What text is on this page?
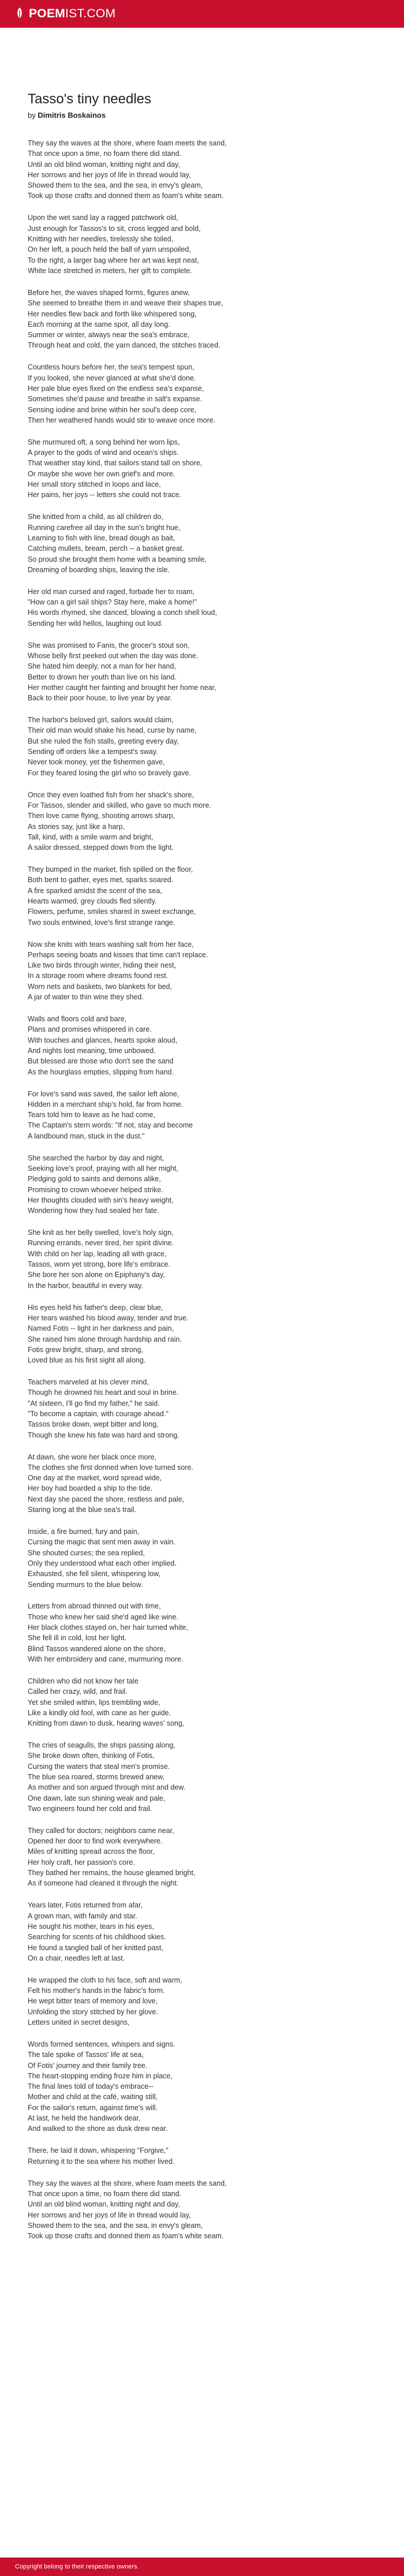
POEMIST.COM
Tasso's tiny needles
by Dimitris Boskainos
They say the waves at the shore, where foam meets the sand,
That once upon a time, no foam there did stand.
Until an old blind woman, knitting night and day,
Her sorrows and her joys of life in thread would lay,
Showed them to the sea, and the sea, in envy's gleam,
Took up those crafts and donned them as foam's white seam.
Upon the wet sand lay a ragged patchwork old,
Just enough for Tassos's to sit, cross legged and bold,
Knitting with her needles, tirelessly she toiled,
On her left, a pouch held the ball of yarn unspoiled,
To the right, a larger bag where her art was kept neat,
White lace stretched in meters, her gift to complete.
Before her, the waves shaped forms, figures anew,
She seemed to breathe them in and weave their shapes true,
Her needles flew back and forth like whispered song,
Each morning at the same spot, all day long.
Summer or winter, always near the sea's embrace,
Through heat and cold, the yarn danced, the stitches traced.
Countless hours before her, the sea's tempest spun,
If you looked, she never glanced at what she'd done.
Her pale blue eyes fixed on the endless sea's expanse,
Sometimes she'd pause and breathe in salt's expanse.
Sensing iodine and brine within her soul's deep core,
Then her weathered hands would stir to weave once more.
She murmured oft, a song behind her worn lips,
A prayer to the gods of wind and ocean's ships.
That weather stay kind, that sailors stand tall on shore,
Or maybe she wove her own grief's and more.
Her small story stitched in loops and lace,
Her pains, her joys -- letters she could not trace.
She knitted from a child, as all children do,
Running carefree all day in the sun's bright hue,
Learning to fish with line, bread dough as bait,
Catching mullets, bream, perch -- a basket great.
So proud she brought them home with a beaming smile,
Dreaming of boarding ships, leaving the isle.
Her old man cursed and raged, forbade her to roam,
"How can a girl sail ships? Stay here, make a home!"
His words rhymed, she danced, blowing a conch shell loud,
Sending her wild hellos, laughing out loud.
She was promised to Fanis, the grocer's stout son,
Whose belly first peeked out when the day was done.
She hated him deeply, not a man for her hand,
Better to drown her youth than live on his land.
Her mother caught her fainting and brought her home near,
Back to their poor house, to live year by year.
The harbor's beloved girl, sailors would claim,
Their old man would shake his head, curse by name,
But she ruled the fish stalls, greeting every day,
Sending off orders like a tempest's sway.
Never took money, yet the fishermen gave,
For they feared losing the girl who so bravely gave.
Once they even loathed fish from her shack's shore,
For Tassos, slender and skilled, who gave so much more.
Then love came flying, shooting arrows sharp,
As stories say, just like a harp,
Tall, kind, with a smile warm and bright,
A sailor dressed, stepped down from the light.
They bumped in the market, fish spilled on the floor,
Both bent to gather, eyes met, sparks soared.
A fire sparked amidst the scent of the sea,
Hearts warmed, grey clouds fled silently.
Flowers, perfume, smiles shared in sweet exchange,
Two souls entwined, love's first strange range.
Now she knits with tears washing salt from her face,
Perhaps seeing boats and kisses that time can't replace.
Like two birds through winter, hiding their nest,
In a storage room where dreams found rest.
Worn nets and baskets, two blankets for bed,
A jar of water to thin wine they shed.
Walls and floors cold and bare,
Plans and promises whispered in care.
With touches and glances, hearts spoke aloud,
And nights lost meaning, time unbowed.
But blessed are those who don't see the sand
As the hourglass empties, slipping from hand.
For love's sand was saved, the sailor left alone,
Hidden in a merchant ship's hold, far from home.
Tears told him to leave as he had come,
The Captain's stern words: "If not, stay and become
A landbound man, stuck in the dust."
She searched the harbor by day and night,
Seeking love's proof, praying with all her might,
Pledging gold to saints and demons alike,
Promising to crown whoever helped strike.
Her thoughts clouded with sin's heavy weight,
Wondering how they had sealed her fate.
She knit as her belly swelled, love's holy sign,
Running errands, never tired, her spirit divine.
With child on her lap, leading all with grace,
Tassos, worn yet strong, bore life's embrace.
She bore her son alone on Epiphany's day,
In the harbor, beautiful in every way.
His eyes held his father's deep, clear blue,
Her tears washed his blood away, tender and true.
Named Fotis -- light in her darkness and pain,
She raised him alone through hardship and rain.
Fotis grew bright, sharp, and strong,
Loved blue as his first sight all along.
Teachers marveled at his clever mind,
Though he drowned his heart and soul in brine.
"At sixteen, I'll go find my father," he said.
"To become a captain, with courage ahead."
Tassos broke down, wept bitter and long,
Though she knew his fate was hard and strong.
At dawn, she wore her black once more,
The clothes she first donned when love turned sore.
One day at the market, word spread wide,
Her boy had boarded a ship to the tide.
Next day she paced the shore, restless and pale,
Staring long at the blue sea's trail.
Inside, a fire burned, fury and pain,
Cursing the magic that sent men away in vain.
She shouted curses; the sea replied,
Only they understood what each other implied.
Exhausted, she fell silent, whispering low,
Sending murmurs to the blue below.
Letters from abroad thinned out with time,
Those who knew her said she'd aged like wine.
Her black clothes stayed on, her hair turned white,
She fell ill in cold, lost her light.
Blind Tassos wandered alone on the shore,
With her embroidery and cane, murmuring more.
Children who did not know her tale
Called her crazy, wild, and frail.
Yet she smiled within, lips trembling wide,
Like a kindly old fool, with cane as her guide.
Knitting from dawn to dusk, hearing waves' song,
The cries of seagulls, the ships passing along,
She broke down often, thinking of Fotis,
Cursing the waters that steal men's promise.
The blue sea roared, storms brewed anew,
As mother and son argued through mist and dew.
One dawn, late sun shining weak and pale,
Two engineers found her cold and frail.
They called for doctors; neighbors came near,
Opened her door to find work everywhere.
Miles of knitting spread across the floor,
Her holy craft, her passion's core.
They bathed her remains, the house gleamed bright,
As if someone had cleaned it through the night.
Years later, Fotis returned from afar,
A grown man, with family and star.
He sought his mother, tears in his eyes,
Searching for scents of his childhood skies.
He found a tangled ball of her knitted past,
On a chair, needles left at last.
He wrapped the cloth to his face, soft and warm,
Felt his mother's hands in the fabric's form.
He wept bitter tears of memory and love,
Unfolding the story stitched by her glove.
Letters united in secret designs,
Words formed sentences, whispers and signs.
The tale spoke of Tassos' life at sea,
Of Fotis' journey and their family tree.
The heart-stopping ending froze him in place,
The final lines told of today's embrace--
Mother and child at the café, waiting still,
For the sailor's return, against time's will.
At last, he held the handiwork dear,
And walked to the shore as dusk drew near.
There, he laid it down, whispering "Forgive,"
Returning it to the sea where his mother lived.
They say the waves at the shore, where foam meets the sand,
That once upon a time, no foam there did stand.
Until an old blind woman, knitting night and day,
Her sorrows and her joys of life in thread would lay,
Showed them to the sea, and the sea, in envy's gleam,
Took up those crafts and donned them as foam's white seam.
Copyright belong to their respective owners.
